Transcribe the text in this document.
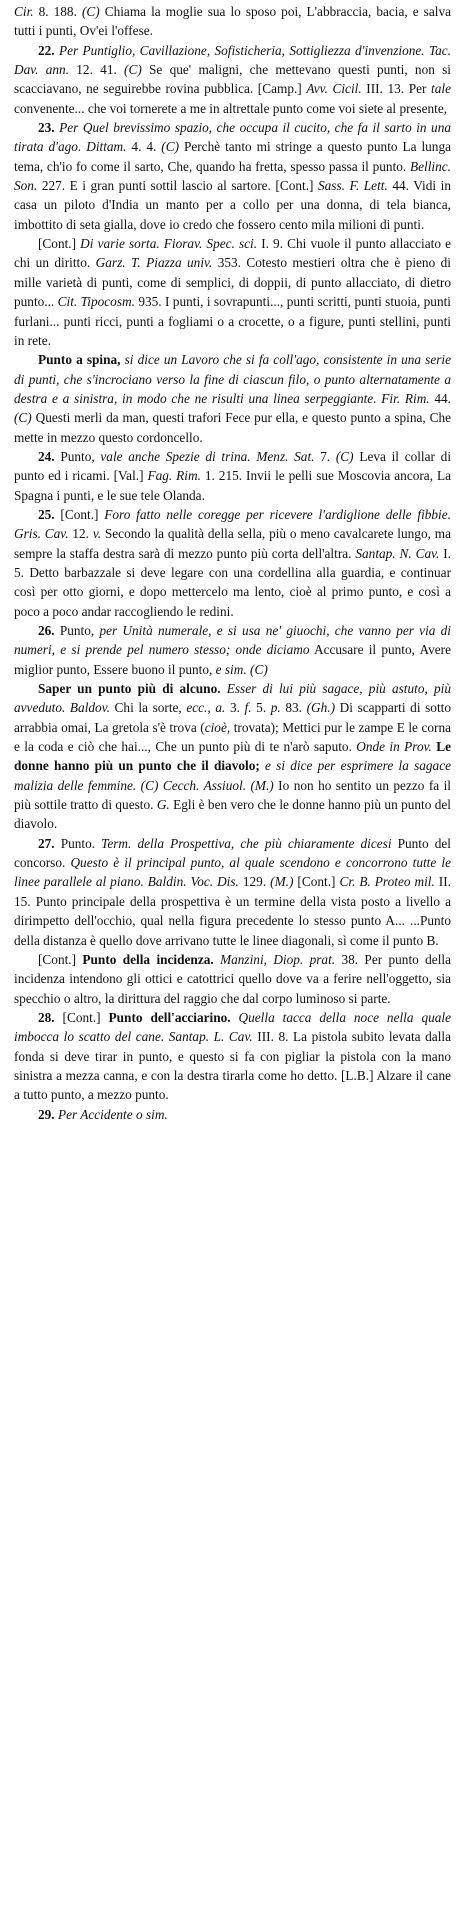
Cir. 8. 188. (C) Chiama la moglie sua lo sposo poi, L'abbraccia, bacia, e salva tutti i punti, Ov'ei l'offese.

22. Per Puntiglio, Cavillazione, Sofisticheria, Sottigliezza d'invenzione. Tac. Dav. ann. 12. 41. (C) Se que' maligni, che mettevano questi punti, non si scacciavano, ne seguirebbe rovina pubblica. [Camp.] Avv. Cicil. III. 13. Per tale convenente... che voi tornerete a me in altrettale punto come voi siete al presente,

23. Per Quel brevissimo spazio, che occupa il cucito, che fa il sarto in una tirata d'ago. Dittam. 4. 4. (C) Perchè tanto mi stringe a questo punto La lunga tema, ch'io fo come il sarto, Che, quando ha fretta, spesso passa il punto. Bellinc. Son. 227. E i gran punti sottil lascio al sartore. [Cont.] Sass. F. Lett. 44. Vidi in casa un piloto d'India un manto per a collo per una donna, di tela bianca, imbottito di seta gialla, dove io credo che fossero cento mila milioni di punti.

[Cont.] Di varie sorta. Fiorav. Spec. sci. I. 9. Chi vuole il punto allacciato e chi un diritto. Garz. T. Piazza univ. 353. Cotesto mestieri oltra che è pieno di mille varietà di punti, come di semplici, di doppii, di punto allacciato, di dietro punto... Cit. Tipocosm. 935. I punti, i sovrapunti..., punti scritti, punti stuoia, punti furlani... punti ricci, punti a fogliami o a crocette, o a figure, punti stellini, punti in rete.

Punto a spina, si dice un Lavoro che si fa coll'ago, consistente in una serie di punti, che s'incrociano verso la fine di ciascun filo, o punto alternatamente a destra e a sinistra, in modo che ne risulti una linea serpeggiante. Fir. Rim. 44. (C) Questi merli da man, questi trafori Fece pur ella, e questo punto a spina, Che mette in mezzo questo cordoncello.

24. Punto, vale anche Spezie di trina. Menz. Sat. 7. (C) Leva il collar di punto ed i ricami. [Val.] Fag. Rim. 1. 215. Invii le pelli sue Moscovia ancora, La Spagna i punti, e le sue tele Olanda.

25. [Cont.] Foro fatto nelle coregge per ricevere l'ardiglione delle fibbie. Gris. Cav. 12. v. Secondo la qualità della sella, più o meno cavalcarete lungo, ma sempre la staffa destra sarà di mezzo punto più corta dell'altra. Santap. N. Cav. I. 5. Detto barbazzale si deve legare con una cordellina alla guardia, e continuar così per otto giorni, e dopo mettercelo ma lento, cioè al primo punto, e così a poco a poco andar raccogliendo le redini.

26. Punto, per Unità numerale, e si usa ne' giuochi, che vanno per via di numeri, e si prende pel numero stesso; onde diciamo Accusare il punto, Avere miglior punto, Essere buono il punto, e sim. (C)

Saper un punto più di alcuno. Esser di lui più sagace, più astuto, più avveduto. Baldov. Chi la sorte, ecc., a. 3. f. 5. p. 83. (Gh.) Di scapparti di sotto arrabbia omai, La gretola s'è trova (cioè, trovata); Mettici pur le zampe E le corna e la coda e ciò che hai..., Che un punto più di te n'arò saputo. Onde in Prov. Le donne hanno più un punto che il diavolo; e si dice per esprimere la sagace malizia delle femmine. (C) Cecch. Assiuol. (M.) Io non ho sentito un pezzo fa il più sottile tratto di questo. G. Egli è ben vero che le donne hanno più un punto del diavolo.

27. Punto. Term. della Prospettiva, che più chiaramente dicesi Punto del concorso. Questo è il principal punto, al quale scendono e concorrono tutte le linee parallele al piano. Baldin. Voc. Dis. 129. (M.) [Cont.] Cr. B. Proteo mil. II. 15. Punto principale della prospettiva è un termine della vista posto a livello a dirimpetto dell'occhio, qual nella figura precedente lo stesso punto A... ...Punto della distanza è quello dove arrivano tutte le linee diagonali, sì come il punto B.

[Cont.] Punto della incidenza. Manzini, Diop. prat. 38. Per punto della incidenza intendono gli ottici e catottrici quello dove va a ferire nell'oggetto, sia specchio o altro, la dirittura del raggio che dal corpo luminoso si parte.

28. [Cont.] Punto dell'acciarino. Quella tacca della noce nella quale imbocca lo scatto del cane. Santap. L. Cav. III. 8. La pistola subito levata dalla fonda si deve tirar in punto, e questo si fa con pigliar la pistola con la mano sinistra a mezza canna, e con la destra tirarla come ho detto. [L.B.] Alzare il cane a tutto punto, a mezzo punto.

29. Per Accidente o sim.
